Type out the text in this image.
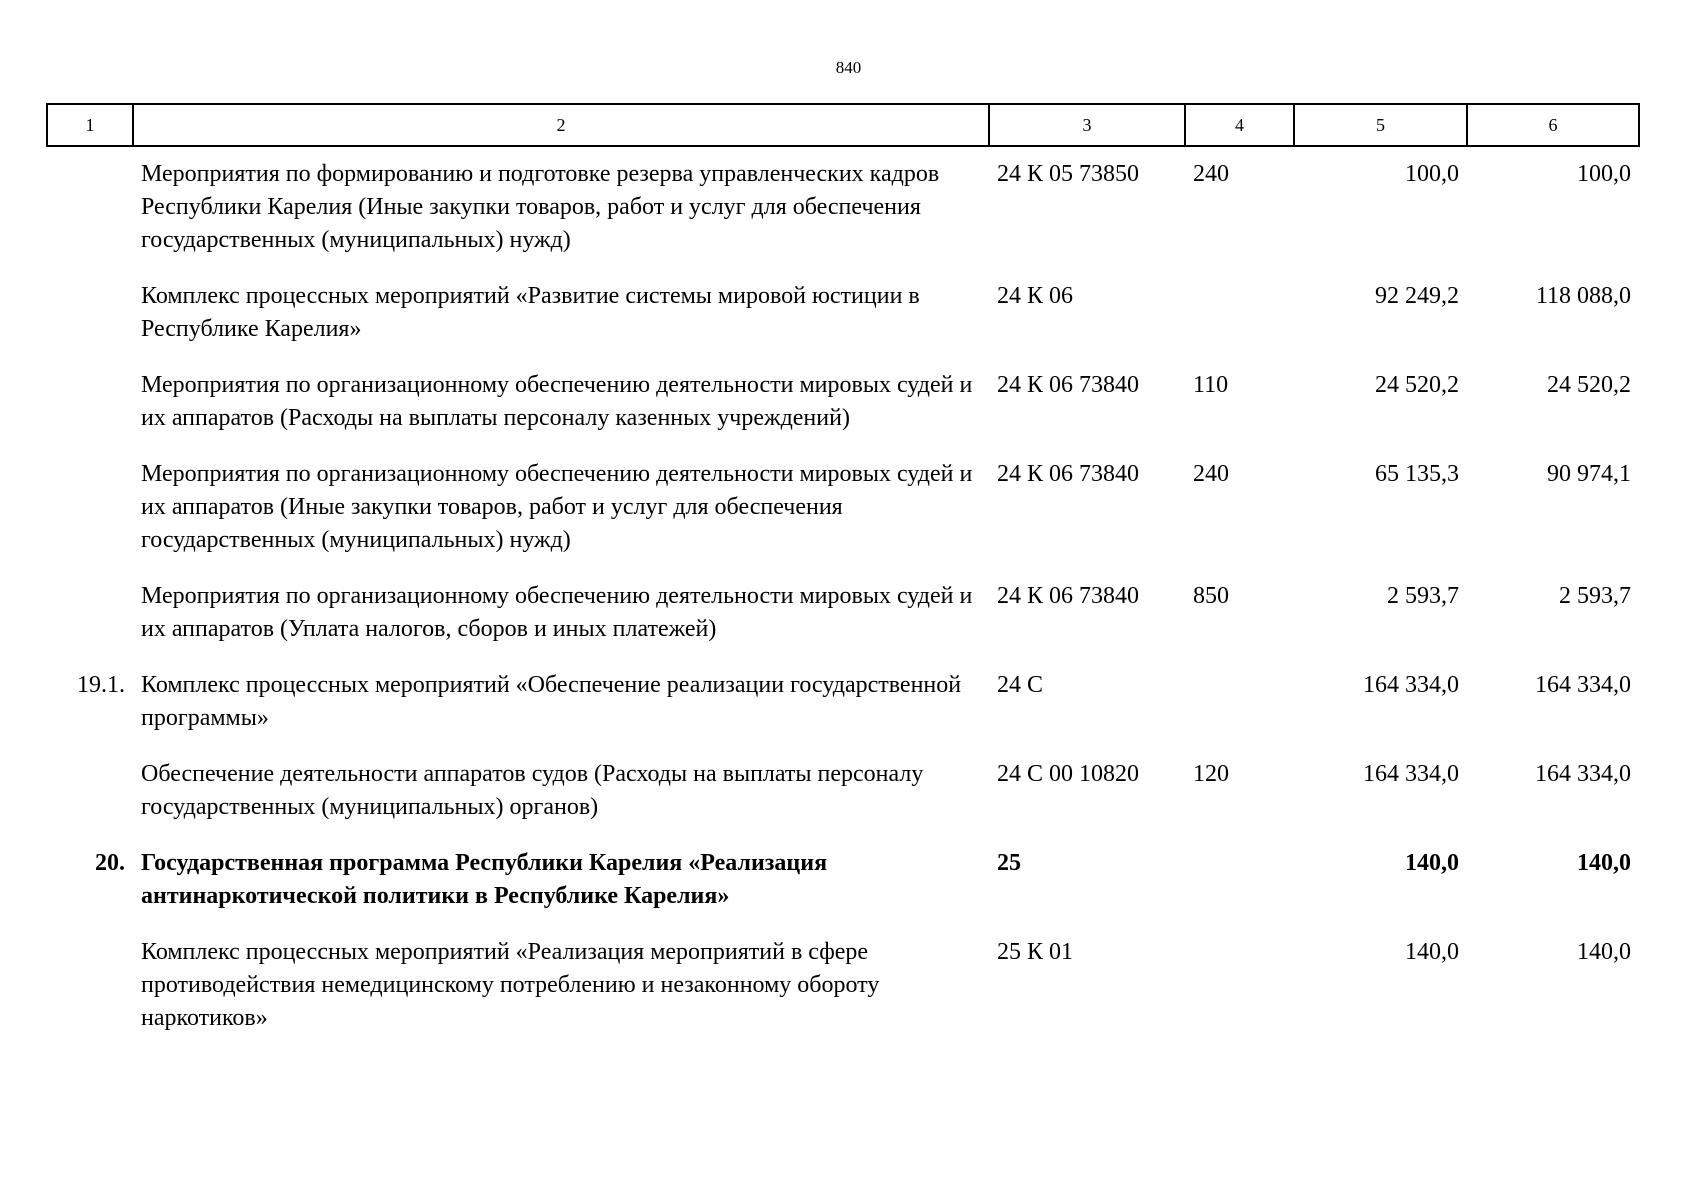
840
1	2	3	4	5	6
	Мероприятия по формированию и подготовке резерва управленческих кадров Республики Карелия (Иные закупки товаров, работ и услуг для обеспечения государственных (муниципальных) нужд)	24 К 05 73850	240	100,0	100,0
	Комплекс процессных мероприятий «Развитие системы мировой юстиции в Республике Карелия»	24 К 06		92 249,2	118 088,0
	Мероприятия по организационному обеспечению деятельности мировых судей и их аппаратов (Расходы на выплаты персоналу казенных учреждений)	24 К 06 73840	110	24 520,2	24 520,2
	Мероприятия по организационному обеспечению деятельности мировых судей и их аппаратов (Иные закупки товаров, работ и услуг для обеспечения государственных (муниципальных) нужд)	24 К 06 73840	240	65 135,3	90 974,1
	Мероприятия по организационному обеспечению деятельности мировых судей и их аппаратов (Уплата налогов, сборов и иных платежей)	24 К 06 73840	850	2 593,7	2 593,7
19.1.	Комплекс процессных мероприятий «Обеспечение реализации государственной программы»	24 С		164 334,0	164 334,0
	Обеспечение деятельности аппаратов судов (Расходы на выплаты персоналу государственных (муниципальных) органов)	24 С 00 10820	120	164 334,0	164 334,0
20.	Государственная программа Республики Карелия «Реализация антинаркотической политики в Республике Карелия»	25		140,0	140,0
	Комплекс процессных мероприятий «Реализация мероприятий в сфере противодействия немедицинскому потреблению и незаконному обороту наркотиков»	25 К 01		140,0	140,0
